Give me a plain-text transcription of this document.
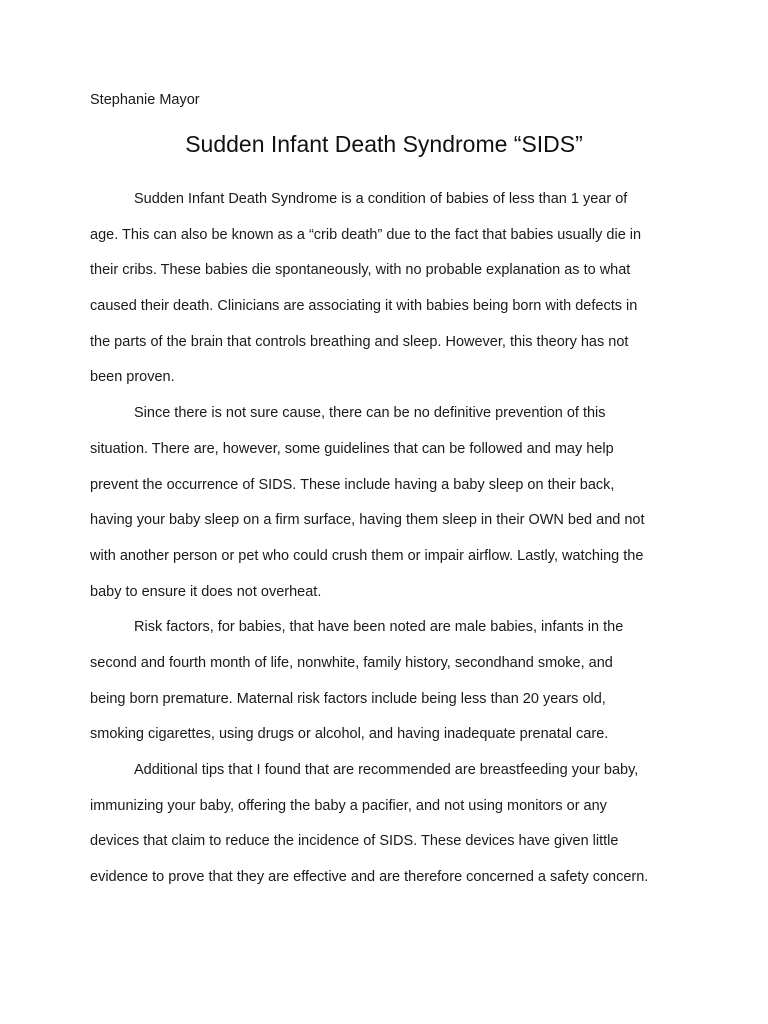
Stephanie Mayor
Sudden Infant Death Syndrome “SIDS”
Sudden Infant Death Syndrome is a condition of babies of less than 1 year of
age. This can also be known as a “crib death” due to the fact that babies usually die in
their cribs. These babies die spontaneously, with no probable explanation as to what
caused their death. Clinicians are associating it with babies being born with defects in
the parts of the brain that controls breathing and sleep. However, this theory has not
been proven.
Since there is not sure cause, there can be no definitive prevention of this
situation. There are, however, some guidelines that can be followed and may help
prevent the occurrence of SIDS. These include having a baby sleep on their back,
having your baby sleep on a firm surface, having them sleep in their OWN bed and not
with another person or pet who could crush them or impair airflow. Lastly, watching the
baby to ensure it does not overheat.
Risk factors, for babies, that have been noted are male babies, infants in the
second and fourth month of life, nonwhite, family history, secondhand smoke, and
being born premature. Maternal risk factors include being less than 20 years old,
smoking cigarettes, using drugs or alcohol, and having inadequate prenatal care.
Additional tips that I found that are recommended are breastfeeding your baby,
immunizing your baby, offering the baby a pacifier, and not using monitors or any
devices that claim to reduce the incidence of SIDS. These devices have given little
evidence to prove that they are effective and are therefore concerned a safety concern.
